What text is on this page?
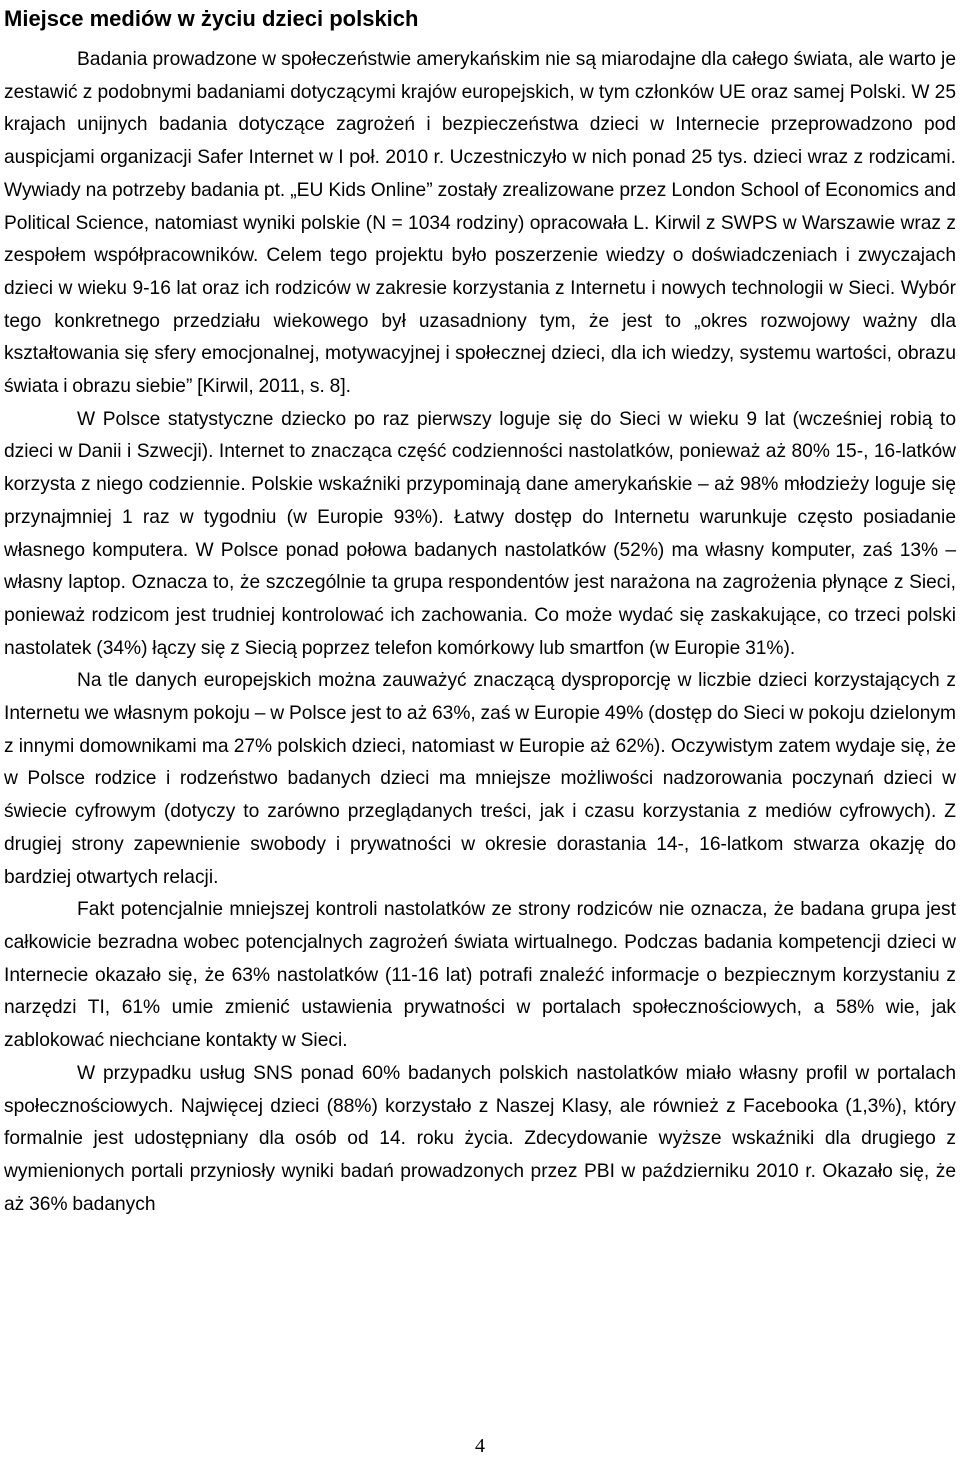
Miejsce mediów w życiu dzieci polskich

Badania prowadzone w społeczeństwie amerykańskim nie są miarodajne dla całego świata, ale warto je zestawić z podobnymi badaniami dotyczącymi krajów europejskich, w tym członków UE oraz samej Polski. W 25 krajach unijnych badania dotyczące zagrożeń i bezpieczeństwa dzieci w Internecie przeprowadzono pod auspicjami organizacji Safer Internet w I poł. 2010 r. Uczestniczyło w nich ponad 25 tys. dzieci wraz z rodzicami. Wywiady na potrzeby badania pt. „EU Kids Online” zostały zrealizowane przez London School of Economics and Political Science, natomiast wyniki polskie (N = 1034 rodziny) opracowała L. Kirwil z SWPS w Warszawie wraz z zespołem współpracowników. Celem tego projektu było poszerzenie wiedzy o doświadczeniach i zwyczajach dzieci w wieku 9-16 lat oraz ich rodziców w zakresie korzystania z Internetu i nowych technologii w Sieci. Wybór tego konkretnego przedziału wiekowego był uzasadniony tym, że jest to „okres rozwojowy ważny dla kształtowania się sfery emocjonalnej, motywacyjnej i społecznej dzieci, dla ich wiedzy, systemu wartości, obrazu świata i obrazu siebie” [Kirwil, 2011, s. 8].

W Polsce statystyczne dziecko po raz pierwszy loguje się do Sieci w wieku 9 lat (wcześniej robią to dzieci w Danii i Szwecji). Internet to znacząca część codzienności nastolatków, ponieważ aż 80% 15-, 16-latków korzysta z niego codziennie. Polskie wskaźniki przypominają dane amerykańskie – aż 98% młodzieży loguje się przynajmniej 1 raz w tygodniu (w Europie 93%). Łatwy dostęp do Internetu warunkuje często posiadanie własnego komputera. W Polsce ponad połowa badanych nastolatków (52%) ma własny komputer, zaś 13% – własny laptop. Oznacza to, że szczególnie ta grupa respondentów jest narażona na zagrożenia płynące z Sieci, ponieważ rodzicom jest trudniej kontrolować ich zachowania. Co może wydać się zaskakujące, co trzeci polski nastolatek (34%) łączy się z Siecią poprzez telefon komórkowy lub smartfon (w Europie 31%).

Na tle danych europejskich można zauważyć znaczącą dysproporcję w liczbie dzieci korzystających z Internetu we własnym pokoju – w Polsce jest to aż 63%, zaś w Europie 49% (dostęp do Sieci w pokoju dzielonym z innymi domownikami ma 27% polskich dzieci, natomiast w Europie aż 62%). Oczywistym zatem wydaje się, że w Polsce rodzice i rodzeństwo badanych dzieci ma mniejsze możliwości nadzorowania poczynań dzieci w świecie cyfrowym (dotyczy to zarówno przeglądanych treści, jak i czasu korzystania z mediów cyfrowych). Z drugiej strony zapewnienie swobody i prywatności w okresie dorastania 14-, 16-latkom stwarza okazję do bardziej otwartych relacji.

Fakt potencjalnie mniejszej kontroli nastolatków ze strony rodziców nie oznacza, że badana grupa jest całkowicie bezradna wobec potencjalnych zagrożeń świata wirtualnego. Podczas badania kompetencji dzieci w Internecie okazało się, że 63% nastolatków (11-16 lat) potrafi znaleźć informacje o bezpiecznym korzystaniu z narzędzi TI, 61% umie zmienić ustawienia prywatności w portalach społecznościowych, a 58% wie, jak zablokować niechciane kontakty w Sieci.

W przypadku usług SNS ponad 60% badanych polskich nastolatków miało własny profil w portalach społecznościowych. Najwięcej dzieci (88%) korzystało z Naszej Klasy, ale również z Facebooka (1,3%), który formalnie jest udostępniany dla osób od 14. roku życia. Zdecydowanie wyższe wskaźniki dla drugiego z wymienionych portali przyniosły wyniki badań prowadzonych przez PBI w październiku 2010 r. Okazało się, że aż 36% badanych

4
